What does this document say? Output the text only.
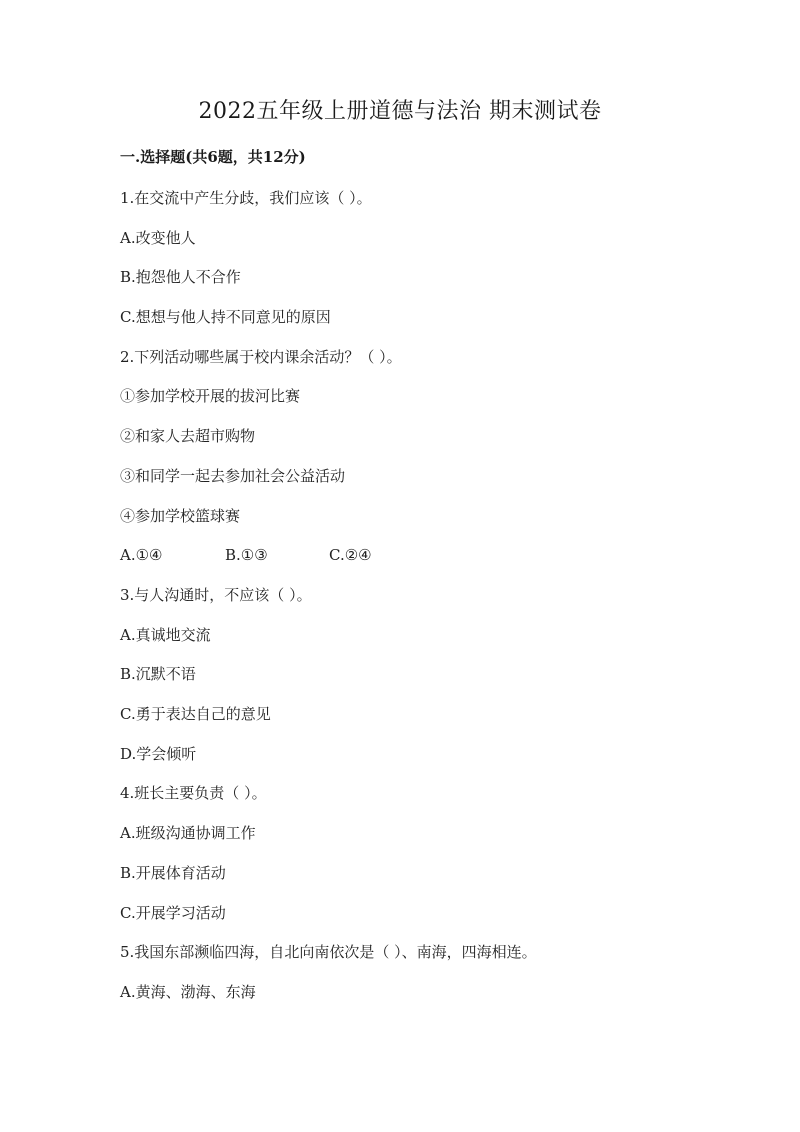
2022五年级上册道德与法治 期末测试卷
一.选择题(共6题，共12分)
1.在交流中产生分歧，我们应该（ ）。
A.改变他人
B.抱怨他人不合作
C.想想与他人持不同意见的原因
2.下列活动哪些属于校内课余活动？（ ）。
①参加学校开展的拔河比赛
②和家人去超市购物
③和同学一起去参加社会公益活动
④参加学校篮球赛
A.①④	B.①③	C.②④
3.与人沟通时，不应该（ ）。
A.真诚地交流
B.沉默不语
C.勇于表达自己的意见
D.学会倾听
4.班长主要负责（ ）。
A.班级沟通协调工作
B.开展体育活动
C.开展学习活动
5.我国东部濒临四海，自北向南依次是（ ）、南海，四海相连。
A.黄海、渤海、东海
